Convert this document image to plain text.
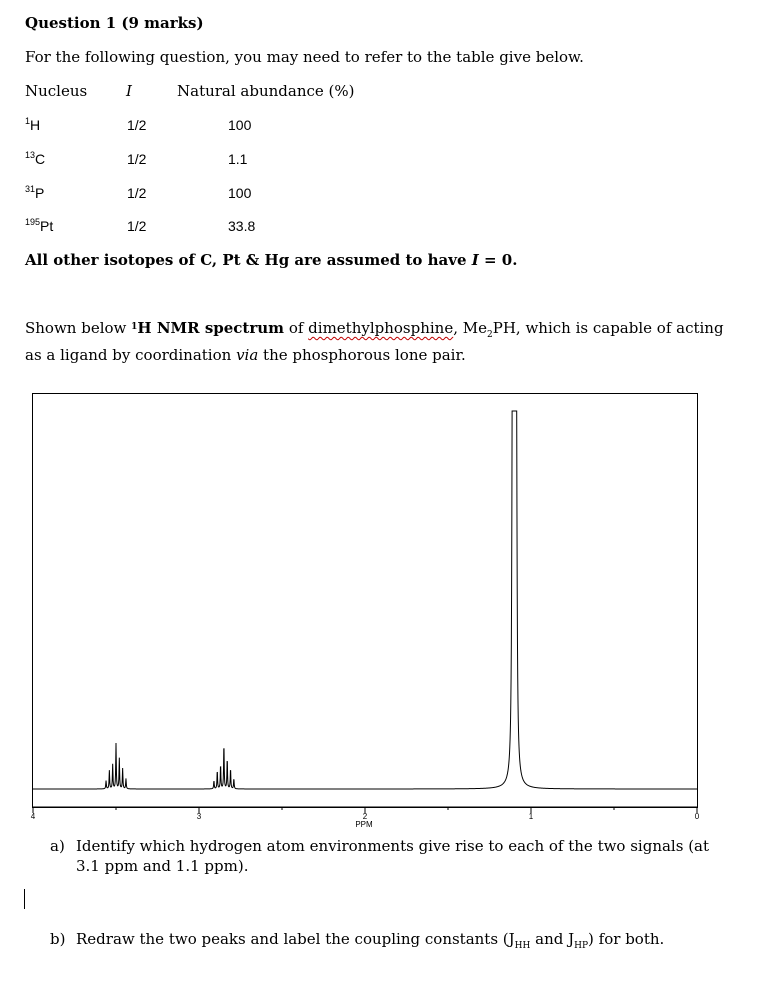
Question 1 (9 marks)
For the following question, you may need to refer to the table give below.
Nucleus	I	Natural abundance (%)
$^1$H	1/2	100
$^{13}$C	1/2	1.1
$^{31}$P	1/2	100
$^{195}$Pt	1/2	33.8
All other isotopes of C, Pt & Hg are assumed to have I = 0.
Shown below $^1$H NMR spectrum of dimethylphosphine, $Me_2PH$, which is capable of acting as a ligand by coordination via the phosphorous lone pair.
4	3	2	1	0
PPM
a) Identify which hydrogen atom environments give rise to each of the two signals (at 3.1 ppm and 1.1 ppm).
b) Redraw the two peaks and label the coupling constants ($J_{HH}$ and $J_{HP}$) for both.
